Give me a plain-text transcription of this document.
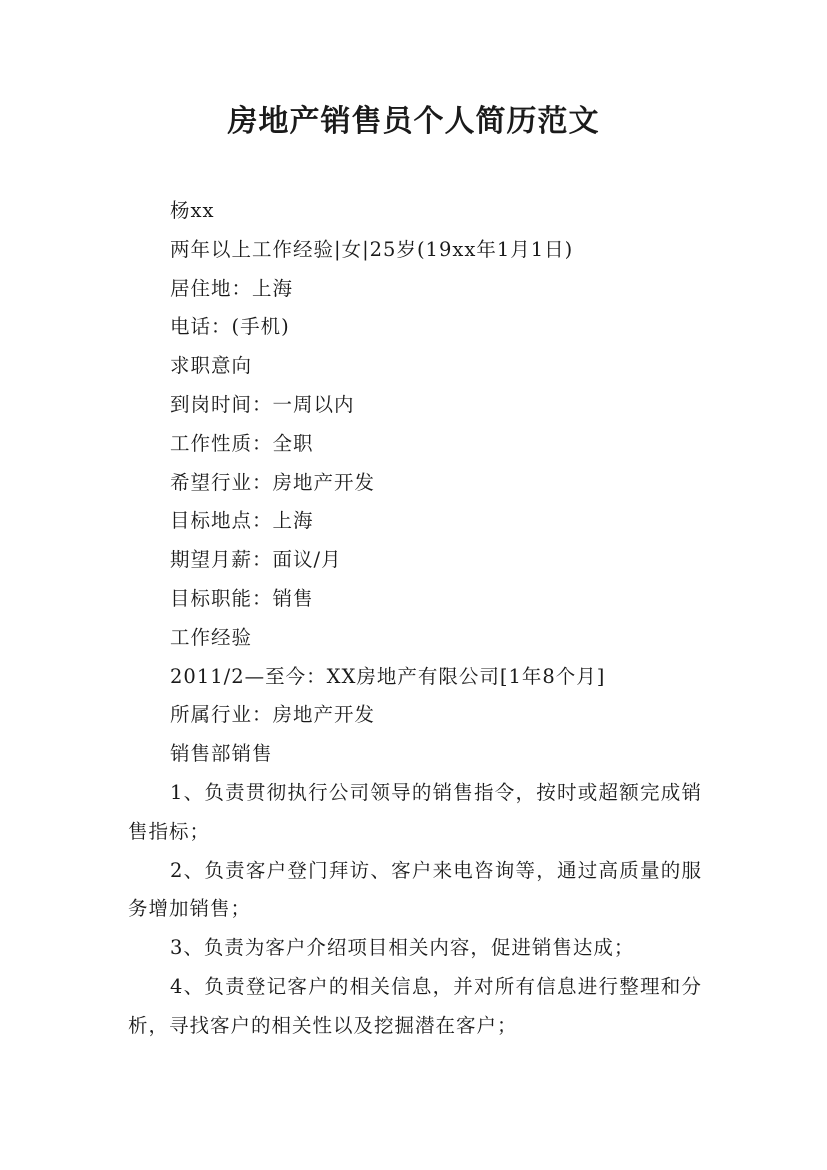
房地产销售员个人简历范文
杨xx
两年以上工作经验|女|25岁(19xx年1月1日)
居住地：上海
电话：(手机)
求职意向
到岗时间：一周以内
工作性质：全职
希望行业：房地产开发
目标地点：上海
期望月薪：面议/月
目标职能：销售
工作经验
2011/2—至今：XX房地产有限公司[1年8个月]
所属行业：房地产开发
销售部销售
1、负责贯彻执行公司领导的销售指令，按时或超额完成销售指标；
2、负责客户登门拜访、客户来电咨询等，通过高质量的服务增加销售；
3、负责为客户介绍项目相关内容，促进销售达成；
4、负责登记客户的相关信息，并对所有信息进行整理和分析，寻找客户的相关性以及挖掘潜在客户；
